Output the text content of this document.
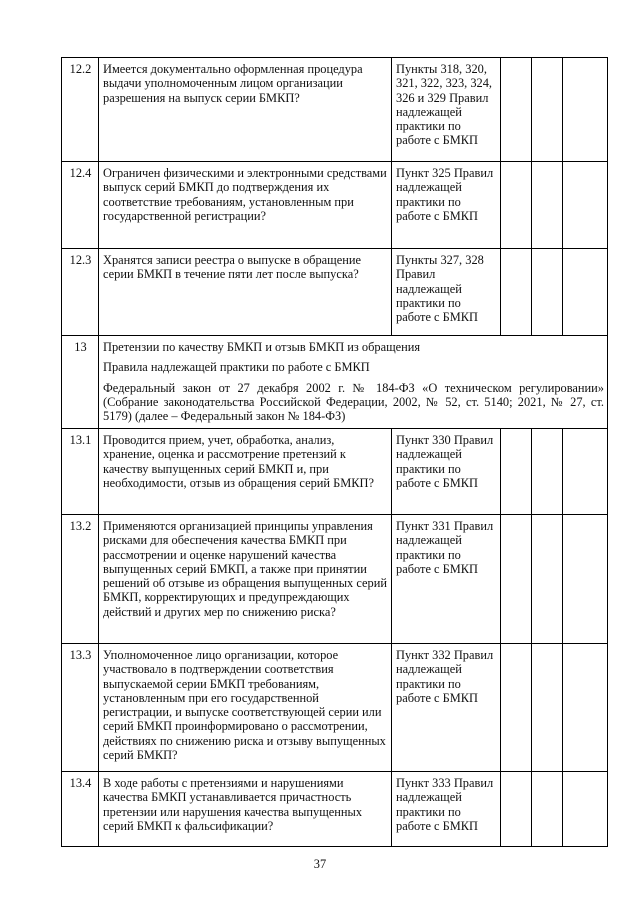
12.2	Имеется документально оформленная процедура выдачи уполномоченным лицом организации разрешения на выпуск серии БМКП?	Пункты 318, 320, 321, 322, 323, 324, 326 и 329 Правил надлежащей практики по работе с БМКП			
12.4	Ограничен физическими и электронными средствами выпуск серий БМКП до подтверждения их соответствие требованиям, установленным при государственной регистрации?	Пункт 325 Правил надлежащей практики по работе с БМКП			
12.3	Хранятся записи реестра о выпуске в обращение серии БМКП в течение пяти лет после выпуска?	Пункты 327, 328 Правил надлежащей практики по работе с БМКП			
13	Претензии по качеству БМКП и отзыв БМКП из обращения
Правила надлежащей практики по работе с БМКП
Федеральный закон от 27 декабря 2002 г. № 184-ФЗ «О техническом регулировании» (Собрание законодательства Российской Федерации, 2002, № 52, ст. 5140; 2021, № 27, ст. 5179) (далее – Федеральный закон № 184-ФЗ)				

13.1	Проводится прием, учет, обработка, анализ, хранение, оценка и рассмотрение претензий к качеству выпущенных серий БМКП и, при необходимости, отзыв из обращения серий БМКП?	Пункт 330 Правил надлежащей практики по работе с БМКП			
13.2	Применяются организацией принципы управления рисками для обеспечения качества БМКП при рассмотрении и оценке нарушений качества выпущенных серий БМКП, а также при принятии решений об отзыве из обращения выпущенных серий БМКП, корректирующих и предупреждающих действий и других мер по снижению риска?	Пункт 331 Правил надлежащей практики по работе с БМКП			
13.3	Уполномоченное лицо организации, которое участвовало в подтверждении соответствия выпускаемой серии БМКП требованиям, установленным при его государственной регистрации, и выпуске соответствующей серии или серий БМКП проинформировано о рассмотрении, действиях по снижению риска и отзыву выпущенных серий БМКП?	Пункт 332 Правил надлежащей практики по работе с БМКП			
13.4	В ходе работы с претензиями и нарушениями качества БМКП устанавливается причастность претензии или нарушения качества выпущенных серий БМКП к фальсификации?	Пункт 333 Правил надлежащей практики по работе с БМКП			
37
